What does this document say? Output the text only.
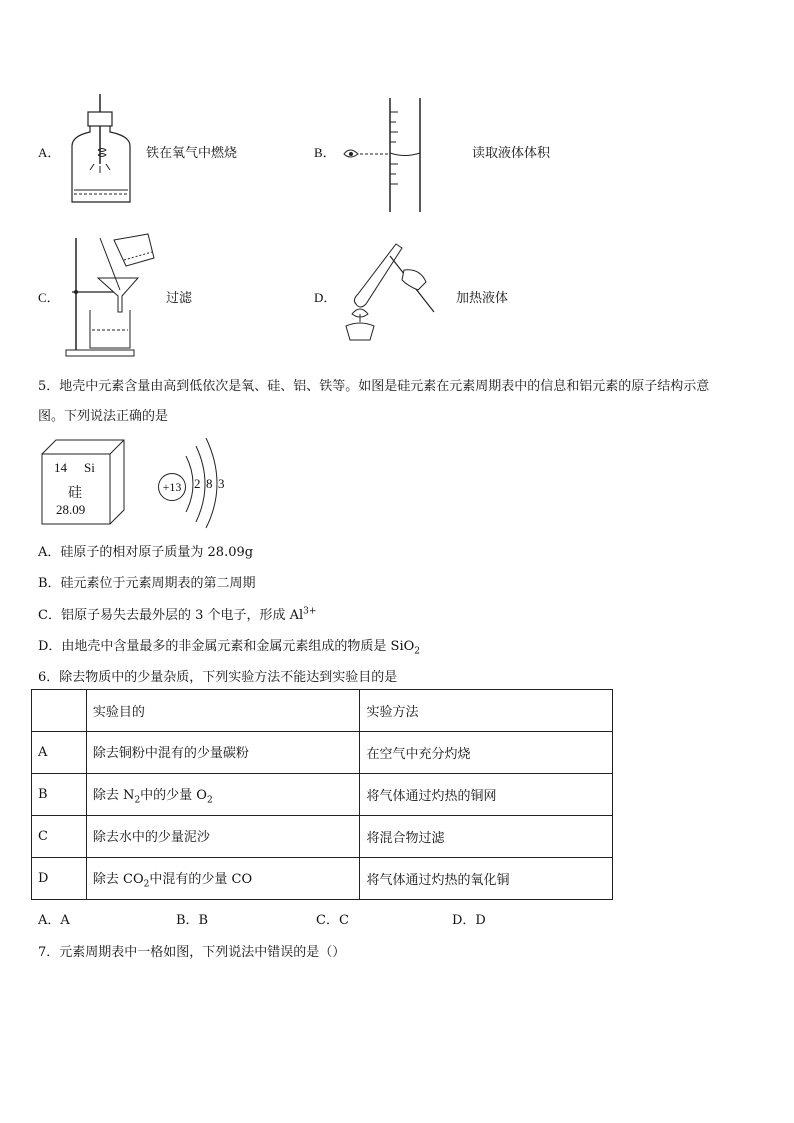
A．	铁在氧气中燃烧	B．	读取液体体积
C．	过滤	D．	加热液体
5．地壳中元素含量由高到低依次是氧、硅、铝、铁等。如图是硅元素在元素周期表中的信息和铝元素的原子结构示意
图。下列说法正确的是
14 Si
硅
28.09
+13 2 8 3
A．硅原子的相对原子质量为 28.09g
B．硅元素位于元素周期表的第二周期
C．铝原子易失去最外层的 3 个电子，形成 $Al^{3+}$
D．由地壳中含量最多的非金属元素和金属元素组成的物质是 SiO$_2$
6．除去物质中的少量杂质，下列实验方法不能达到实验目的是
	实验目的	实验方法
A	除去铜粉中混有的少量碳粉	在空气中充分灼烧
B	除去 $N_2$中的少量 $O_2$	将气体通过灼热的铜网
C	除去水中的少量泥沙	将混合物过滤
D	除去 $CO_2$中混有的少量 CO	将气体通过灼热的氧化铜
A．A	B．B	C．C	D．D
7．元素周期表中一格如图，下列说法中错误的是（）
